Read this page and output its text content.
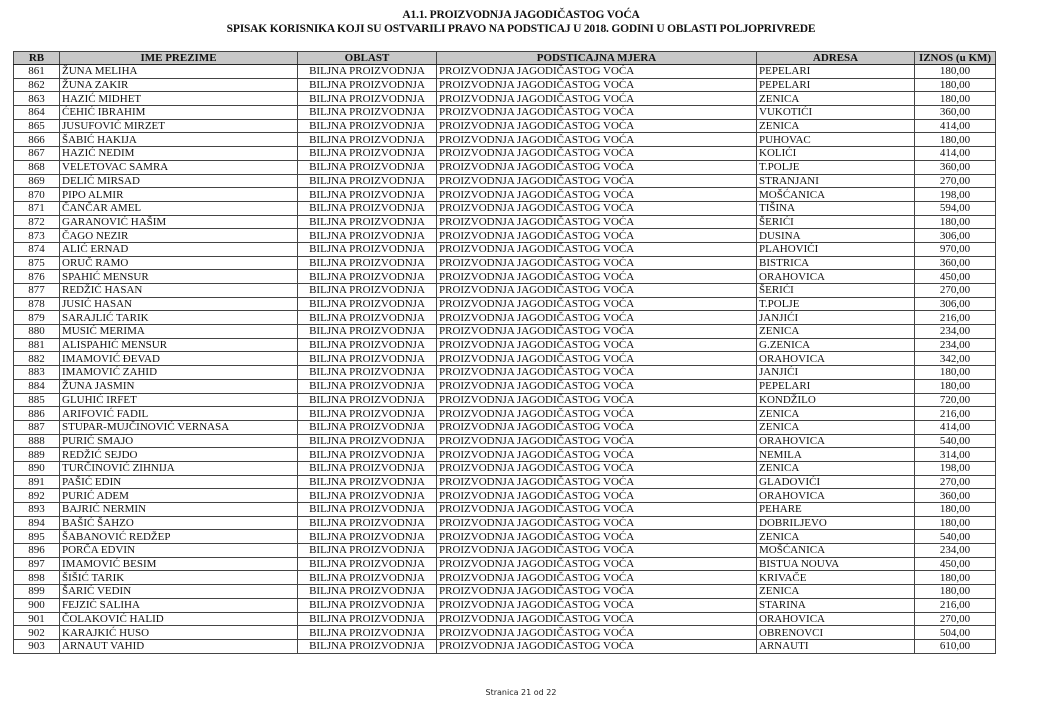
A1.1. PROIZVODNJA JAGODIČASTOG VOĆA
SPISAK KORISNIKA KOJI SU OSTVARILI PRAVO NA PODSTICAJ U 2018. GODINI U OBLASTI POLJOPRIVREDE
RB	IME PREZIME	OBLAST	PODSTICAJNA MJERA	ADRESA	IZNOS (u KM)
861	ŽUNA MELIHA	BILJNA PROIZVODNJA	PROIZVODNJA JAGODIČASTOG VOĆA	PEPELARI	180,00
862	ŽUNA ZAKIR	BILJNA PROIZVODNJA	PROIZVODNJA JAGODIČASTOG VOĆA	PEPELARI	180,00
863	HAZIĆ MIDHET	BILJNA PROIZVODNJA	PROIZVODNJA JAGODIČASTOG VOĆA	ZENICA	180,00
864	ĆEHIĆ IBRAHIM	BILJNA PROIZVODNJA	PROIZVODNJA JAGODIČASTOG VOĆA	VUKOTIĆI	360,00
865	JUSUFOVIĆ MIRZET	BILJNA PROIZVODNJA	PROIZVODNJA JAGODIČASTOG VOĆA	ZENICA	414,00
866	ŠABIĆ HAKIJA	BILJNA PROIZVODNJA	PROIZVODNJA JAGODIČASTOG VOĆA	PUHOVAC	180,00
867	HAZIĆ NEDIM	BILJNA PROIZVODNJA	PROIZVODNJA JAGODIČASTOG VOĆA	KOLIĆI	414,00
868	VELETOVAC SAMRA	BILJNA PROIZVODNJA	PROIZVODNJA JAGODIČASTOG VOĆA	T.POLJE	360,00
869	DELIĆ MIRSAD	BILJNA PROIZVODNJA	PROIZVODNJA JAGODIČASTOG VOĆA	STRANJANI	270,00
870	PIPO ALMIR	BILJNA PROIZVODNJA	PROIZVODNJA JAGODIČASTOG VOĆA	MOŠĆANICA	198,00
871	ČANČAR AMEL	BILJNA PROIZVODNJA	PROIZVODNJA JAGODIČASTOG VOĆA	TIŠINA	594,00
872	GARANOVIĆ HAŠIM	BILJNA PROIZVODNJA	PROIZVODNJA JAGODIČASTOG VOĆA	ŠERIĆI	180,00
873	ČAGO NEZIR	BILJNA PROIZVODNJA	PROIZVODNJA JAGODIČASTOG VOĆA	DUSINA	306,00
874	ALIĆ ERNAD	BILJNA PROIZVODNJA	PROIZVODNJA JAGODIČASTOG VOĆA	PLAHOVIĆI	970,00
875	ORUČ RAMO	BILJNA PROIZVODNJA	PROIZVODNJA JAGODIČASTOG VOĆA	BISTRICA	360,00
876	SPAHIĆ MENSUR	BILJNA PROIZVODNJA	PROIZVODNJA JAGODIČASTOG VOĆA	ORAHOVICA	450,00
877	REDŽIĆ HASAN	BILJNA PROIZVODNJA	PROIZVODNJA JAGODIČASTOG VOĆA	ŠERIĆI	270,00
878	JUSIĆ HASAN	BILJNA PROIZVODNJA	PROIZVODNJA JAGODIČASTOG VOĆA	T.POLJE	306,00
879	SARAJLIĆ TARIK	BILJNA PROIZVODNJA	PROIZVODNJA JAGODIČASTOG VOĆA	JANJIĆI	216,00
880	MUSIĆ MERIMA	BILJNA PROIZVODNJA	PROIZVODNJA JAGODIČASTOG VOĆA	ZENICA	234,00
881	ALISPAHIĆ MENSUR	BILJNA PROIZVODNJA	PROIZVODNJA JAGODIČASTOG VOĆA	G.ZENICA	234,00
882	IMAMOVIĆ ĐEVAD	BILJNA PROIZVODNJA	PROIZVODNJA JAGODIČASTOG VOĆA	ORAHOVICA	342,00
883	IMAMOVIĆ ZAHID	BILJNA PROIZVODNJA	PROIZVODNJA JAGODIČASTOG VOĆA	JANJIĆI	180,00
884	ŽUNA JASMIN	BILJNA PROIZVODNJA	PROIZVODNJA JAGODIČASTOG VOĆA	PEPELARI	180,00
885	GLUHIĆ IRFET	BILJNA PROIZVODNJA	PROIZVODNJA JAGODIČASTOG VOĆA	KONDŽILO	720,00
886	ARIFOVIĆ FADIL	BILJNA PROIZVODNJA	PROIZVODNJA JAGODIČASTOG VOĆA	ZENICA	216,00
887	STUPAR-MUJČINOVIĆ VERNASA	BILJNA PROIZVODNJA	PROIZVODNJA JAGODIČASTOG VOĆA	ZENICA	414,00
888	PURIĆ SMAJO	BILJNA PROIZVODNJA	PROIZVODNJA JAGODIČASTOG VOĆA	ORAHOVICA	540,00
889	REDŽIĆ SEJDO	BILJNA PROIZVODNJA	PROIZVODNJA JAGODIČASTOG VOĆA	NEMILA	314,00
890	TURČINOVIĆ ZIHNIJA	BILJNA PROIZVODNJA	PROIZVODNJA JAGODIČASTOG VOĆA	ZENICA	198,00
891	PAŠIĆ EDIN	BILJNA PROIZVODNJA	PROIZVODNJA JAGODIČASTOG VOĆA	GLADOVIĆI	270,00
892	PURIĆ ADEM	BILJNA PROIZVODNJA	PROIZVODNJA JAGODIČASTOG VOĆA	ORAHOVICA	360,00
893	BAJRIĆ NERMIN	BILJNA PROIZVODNJA	PROIZVODNJA JAGODIČASTOG VOĆA	PEHARE	180,00
894	BAŠIĆ ŠAHZO	BILJNA PROIZVODNJA	PROIZVODNJA JAGODIČASTOG VOĆA	DOBRILJEVO	180,00
895	ŠABANOVIĆ REDŽEP	BILJNA PROIZVODNJA	PROIZVODNJA JAGODIČASTOG VOĆA	ZENICA	540,00
896	PORČA EDVIN	BILJNA PROIZVODNJA	PROIZVODNJA JAGODIČASTOG VOĆA	MOŠĆANICA	234,00
897	IMAMOVIĆ BESIM	BILJNA PROIZVODNJA	PROIZVODNJA JAGODIČASTOG VOĆA	BISTUA NOUVA	450,00
898	ŠIŠIĆ TARIK	BILJNA PROIZVODNJA	PROIZVODNJA JAGODIČASTOG VOĆA	KRIVAČE	180,00
899	ŠARIĆ VEDIN	BILJNA PROIZVODNJA	PROIZVODNJA JAGODIČASTOG VOĆA	ZENICA	180,00
900	FEJZIĆ SALIHA	BILJNA PROIZVODNJA	PROIZVODNJA JAGODIČASTOG VOĆA	STARINA	216,00
901	ČOLAKOVIĆ HALID	BILJNA PROIZVODNJA	PROIZVODNJA JAGODIČASTOG VOĆA	ORAHOVICA	270,00
902	KARAJKIĆ HUSO	BILJNA PROIZVODNJA	PROIZVODNJA JAGODIČASTOG VOĆA	OBRENOVCI	504,00
903	ARNAUT VAHID	BILJNA PROIZVODNJA	PROIZVODNJA JAGODIČASTOG VOĆA	ARNAUTI	610,00
Stranica 21 od 22
